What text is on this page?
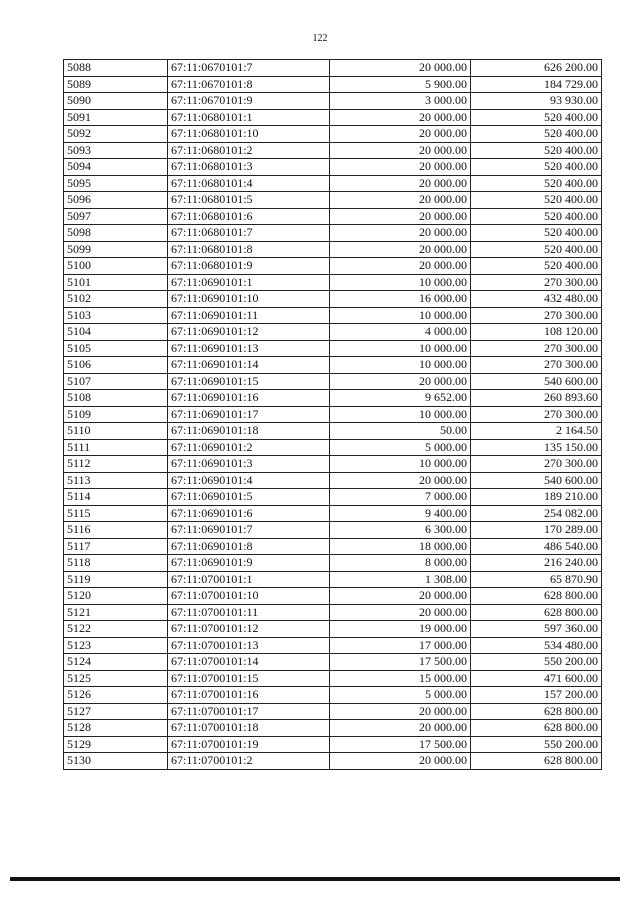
122
5088	67:11:0670101:7	20 000.00	626 200.00
5089	67:11:0670101:8	5 900.00	184 729.00
5090	67:11:0670101:9	3 000.00	93 930.00
5091	67:11:0680101:1	20 000.00	520 400.00
5092	67:11:0680101:10	20 000.00	520 400.00
5093	67:11:0680101:2	20 000.00	520 400.00
5094	67:11:0680101:3	20 000.00	520 400.00
5095	67:11:0680101:4	20 000.00	520 400.00
5096	67:11:0680101:5	20 000.00	520 400.00
5097	67:11:0680101:6	20 000.00	520 400.00
5098	67:11:0680101:7	20 000.00	520 400.00
5099	67:11:0680101:8	20 000.00	520 400.00
5100	67:11:0680101:9	20 000.00	520 400.00
5101	67:11:0690101:1	10 000.00	270 300.00
5102	67:11:0690101:10	16 000.00	432 480.00
5103	67:11:0690101:11	10 000.00	270 300.00
5104	67:11:0690101:12	4 000.00	108 120.00
5105	67:11:0690101:13	10 000.00	270 300.00
5106	67:11:0690101:14	10 000.00	270 300.00
5107	67:11:0690101:15	20 000.00	540 600.00
5108	67:11:0690101:16	9 652.00	260 893.60
5109	67:11:0690101:17	10 000.00	270 300.00
5110	67:11:0690101:18	50.00	2 164.50
5111	67:11:0690101:2	5 000.00	135 150.00
5112	67:11:0690101:3	10 000.00	270 300.00
5113	67:11:0690101:4	20 000.00	540 600.00
5114	67:11:0690101:5	7 000.00	189 210.00
5115	67:11:0690101:6	9 400.00	254 082.00
5116	67:11:0690101:7	6 300.00	170 289.00
5117	67:11:0690101:8	18 000.00	486 540.00
5118	67:11:0690101:9	8 000.00	216 240.00
5119	67:11:0700101:1	1 308.00	65 870.90
5120	67:11:0700101:10	20 000.00	628 800.00
5121	67:11:0700101:11	20 000.00	628 800.00
5122	67:11:0700101:12	19 000.00	597 360.00
5123	67:11:0700101:13	17 000.00	534 480.00
5124	67:11:0700101:14	17 500.00	550 200.00
5125	67:11:0700101:15	15 000.00	471 600.00
5126	67:11:0700101:16	5 000.00	157 200.00
5127	67:11:0700101:17	20 000.00	628 800.00
5128	67:11:0700101:18	20 000.00	628 800.00
5129	67:11:0700101:19	17 500.00	550 200.00
5130	67:11:0700101:2	20 000.00	628 800.00
